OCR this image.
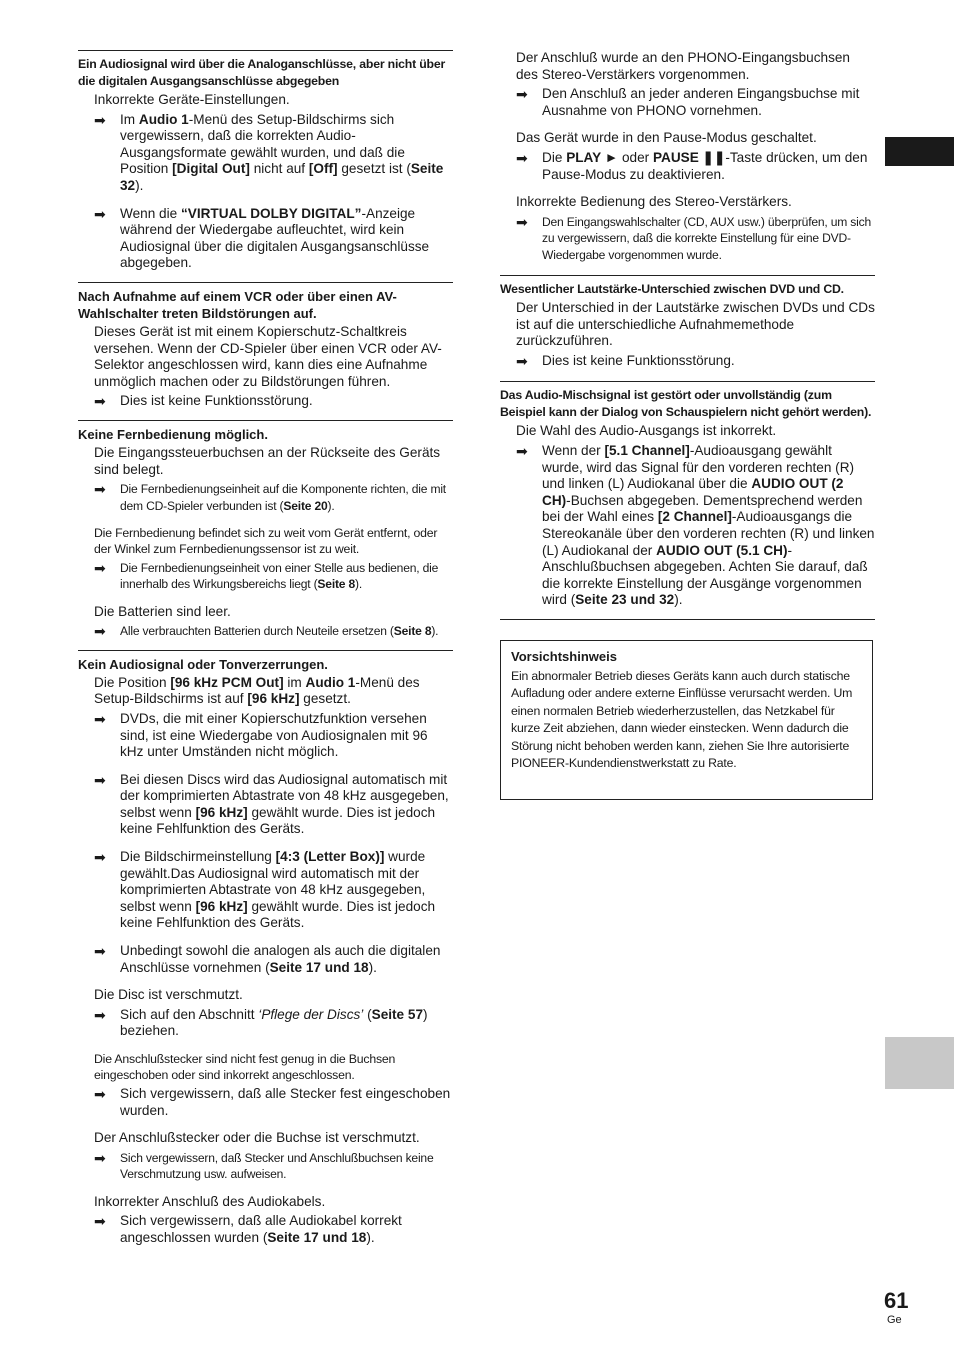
Ein Audiosignal wird über die Analoganschlüsse, aber nicht über die digitalen Ausgangsanschlüsse abgegeben
Inkorrekte Geräte-Einstellungen.
➡	Im Audio 1-Menü des Setup-Bildschirms sich vergewissern, daß die korrekten Audio-Ausgangsformate gewählt wurden, und daß die Position [Digital Out] nicht auf [Off] gesetzt ist (Seite 32).
➡	Wenn die “VIRTUAL DOLBY DIGITAL”-Anzeige während der Wiedergabe aufleuchtet, wird kein Audiosignal über die digitalen Ausgangsanschlüsse abgegeben.
Nach Aufnahme auf einem VCR oder über einen AV-Wahlschalter treten Bildstörungen auf.
Dieses Gerät ist mit einem Kopierschutz-Schaltkreis versehen. Wenn der CD-Spieler über einen VCR oder AV-Selektor angeschlossen wird, kann dies eine Aufnahme unmöglich machen oder zu Bildstörungen führen.
➡	Dies ist keine Funktionsstörung.
Keine Fernbedienung möglich.
Die Eingangssteuerbuchsen an der Rückseite des Geräts sind belegt.
➡	Die Fernbedienungseinheit auf die Komponente richten, die mit dem CD-Spieler verbunden ist (Seite 20).
Die Fernbedienung befindet sich zu weit vom Gerät entfernt, oder der Winkel zum Fernbedienungssensor ist zu weit.
➡	Die Fernbedienungseinheit von einer Stelle aus bedienen, die innerhalb des Wirkungsbereichs liegt (Seite 8).
Die Batterien sind leer.
➡	Alle verbrauchten Batterien durch Neuteile ersetzen (Seite 8).
Kein Audiosignal oder Tonverzerrungen.
Die Position [96 kHz PCM Out] im Audio 1-Menü des Setup-Bildschirms ist auf [96 kHz] gesetzt.
➡	DVDs, die mit einer Kopierschutzfunktion versehen sind, ist eine Wiedergabe von Audiosignalen mit 96 kHz unter Umständen nicht möglich.
➡	Bei diesen Discs wird das Audiosignal automatisch mit der komprimierten Abtastrate von 48 kHz ausgegeben, selbst wenn [96 kHz] gewählt wurde. Dies ist jedoch keine Fehlfunktion des Geräts.
➡	Die Bildschirmeinstellung [4:3 (Letter Box)] wurde gewählt.Das Audiosignal wird automatisch mit der komprimierten Abtastrate von 48 kHz ausgegeben, selbst wenn [96 kHz] gewählt wurde. Dies ist jedoch keine Fehlfunktion des Geräts.
➡	Unbedingt sowohl die analogen als auch die digitalen Anschlüsse vornehmen (Seite 17 und 18).
Die Disc ist verschmutzt.
➡	Sich auf den Abschnitt ‘Pflege der Discs’ (Seite 57) beziehen.
Die Anschlußstecker sind nicht fest genug in die Buchsen eingeschoben oder sind inkorrekt angeschlossen.
➡	Sich vergewissern, daß alle Stecker fest eingeschoben wurden.
Der Anschlußstecker oder die Buchse ist verschmutzt.
➡	Sich vergewissern, daß Stecker und Anschlußbuchsen keine Verschmutzung usw. aufweisen.
Inkorrekter Anschluß des Audiokabels.
➡	Sich vergewissern, daß alle Audiokabel korrekt angeschlossen wurden (Seite 17 und 18).
Der Anschluß wurde an den PHONO-Eingangsbuchsen des Stereo-Verstärkers vorgenommen.
➡	Den Anschluß an jeder anderen Eingangsbuchse mit Ausnahme von PHONO vornehmen.
Das Gerät wurde in den Pause-Modus geschaltet.
➡	Die PLAY ► oder PAUSE ❚❚-Taste drücken, um den Pause-Modus zu deaktivieren.
Inkorrekte Bedienung des Stereo-Verstärkers.
➡	Den Eingangswahlschalter (CD, AUX usw.) überprüfen, um sich zu vergewissern, daß die korrekte Einstellung für eine DVD-Wiedergabe vorgenommen wurde.
Wesentlicher Lautstärke-Unterschied zwischen DVD und CD.
Der Unterschied in der Lautstärke zwischen DVDs und CDs ist auf die unterschiedliche Aufnahmemethode zurückzuführen.
➡	Dies ist keine Funktionsstörung.
Das Audio-Mischsignal ist gestört oder unvollständig (zum Beispiel kann der Dialog von Schauspielern nicht gehört werden).
Die Wahl des Audio-Ausgangs ist inkorrekt.
➡	Wenn der [5.1 Channel]-Audioausgang gewählt wurde, wird das Signal für den vorderen rechten (R) und linken (L) Audiokanal über die AUDIO OUT (2 CH)-Buchsen abgegeben. Dementsprechend werden bei der Wahl eines [2 Channel]-Audioausgangs die Stereokanäle über den vorderen rechten (R) und linken (L) Audiokanal der AUDIO OUT (5.1 CH)-Anschlußbuchsen abgegeben. Achten Sie darauf, daß die korrekte Einstellung der Ausgänge vorgenommen wird (Seite 23 und 32).
Vorsichtshinweis
Ein abnormaler Betrieb dieses Geräts kann auch durch statische Aufladung oder andere externe Einflüsse verursacht werden. Um einen normalen Betrieb wiederherzustellen, das Netzkabel für kurze Zeit abziehen, dann wieder einstecken. Wenn dadurch die Störung nicht behoben werden kann, ziehen Sie Ihre autorisierte PIONEER-Kundendienstwerkstatt zu Rate.
61
Ge
